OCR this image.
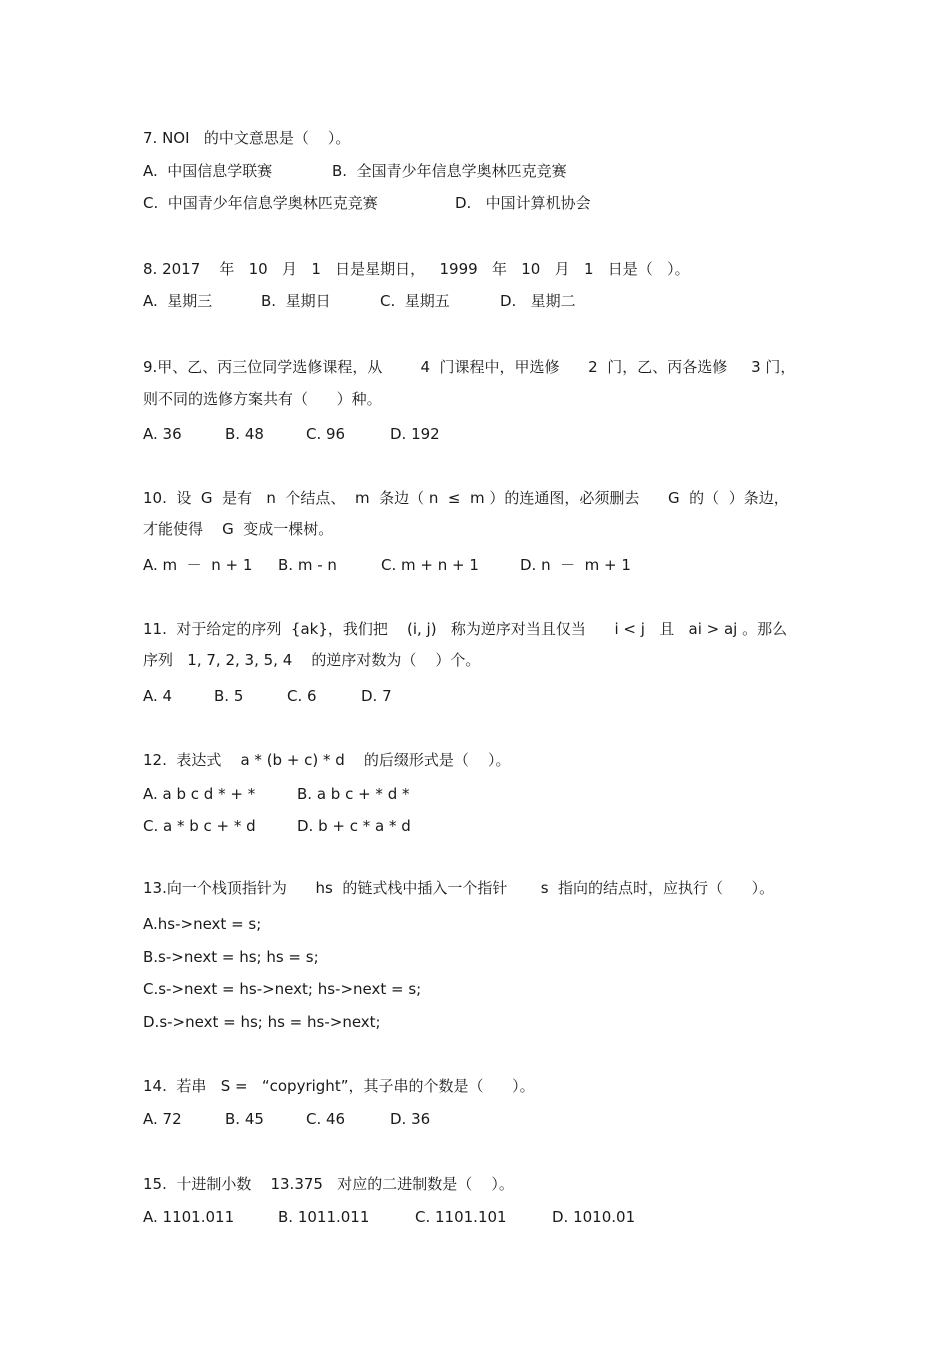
7. NOI   的中文意思是（    ）。
A.  中国信息学联赛	B.  全国青少年信息学奥林匹克竞赛
C.  中国青少年信息学奥林匹克竞赛	D.   中国计算机协会
8. 2017    年   10   月   1   日是星期日，   1999   年   10   月   1   日是（   ）。
A.  星期三	B.  星期日	C.  星期五	D.   星期二
9.甲、乙、丙三位同学选修课程，从        4  门课程中，甲选修      2  门，乙、丙各选修     3 门，
则不同的选修方案共有（      ）种。
A. 36	B. 48	C. 96	D. 192
10.  设  G  是有   n  个结点、  m  条边（ n  ≤  m ）的连通图，必须删去      G  的（  ）条边，
才能使得    G  变成一棵树。
A. m  －  n + 1 B. m - n	C. m + n + 1	D. n  －  m + 1
11.  对于给定的序列  {ak}，我们把    (i, j)   称为逆序对当且仅当      i < j   且   ai > aj 。那么
序列   1, 7, 2, 3, 5, 4    的逆序对数为（    ）个。
A. 4	B. 5	C. 6	D. 7
12.  表达式    a * (b + c) * d    的后缀形式是（    ）。
A. a b c d * + *	B. a b c + * d *
C. a * b c + * d	D. b + c * a * d
13.向一个栈顶指针为      hs  的链式栈中插入一个指针       s  指向的结点时，应执行（      ）。
A.hs->next = s;
B.s->next = hs; hs = s;
C.s->next = hs->next; hs->next = s;
D.s->next = hs; hs = hs->next;
14.  若串   S =   “copyright”，其子串的个数是（      ）。
A. 72	B. 45	C. 46	D. 36
15.  十进制小数    13.375   对应的二进制数是（    ）。
A. 1101.011	B. 1011.011	C. 1101.101	D. 1010.01
